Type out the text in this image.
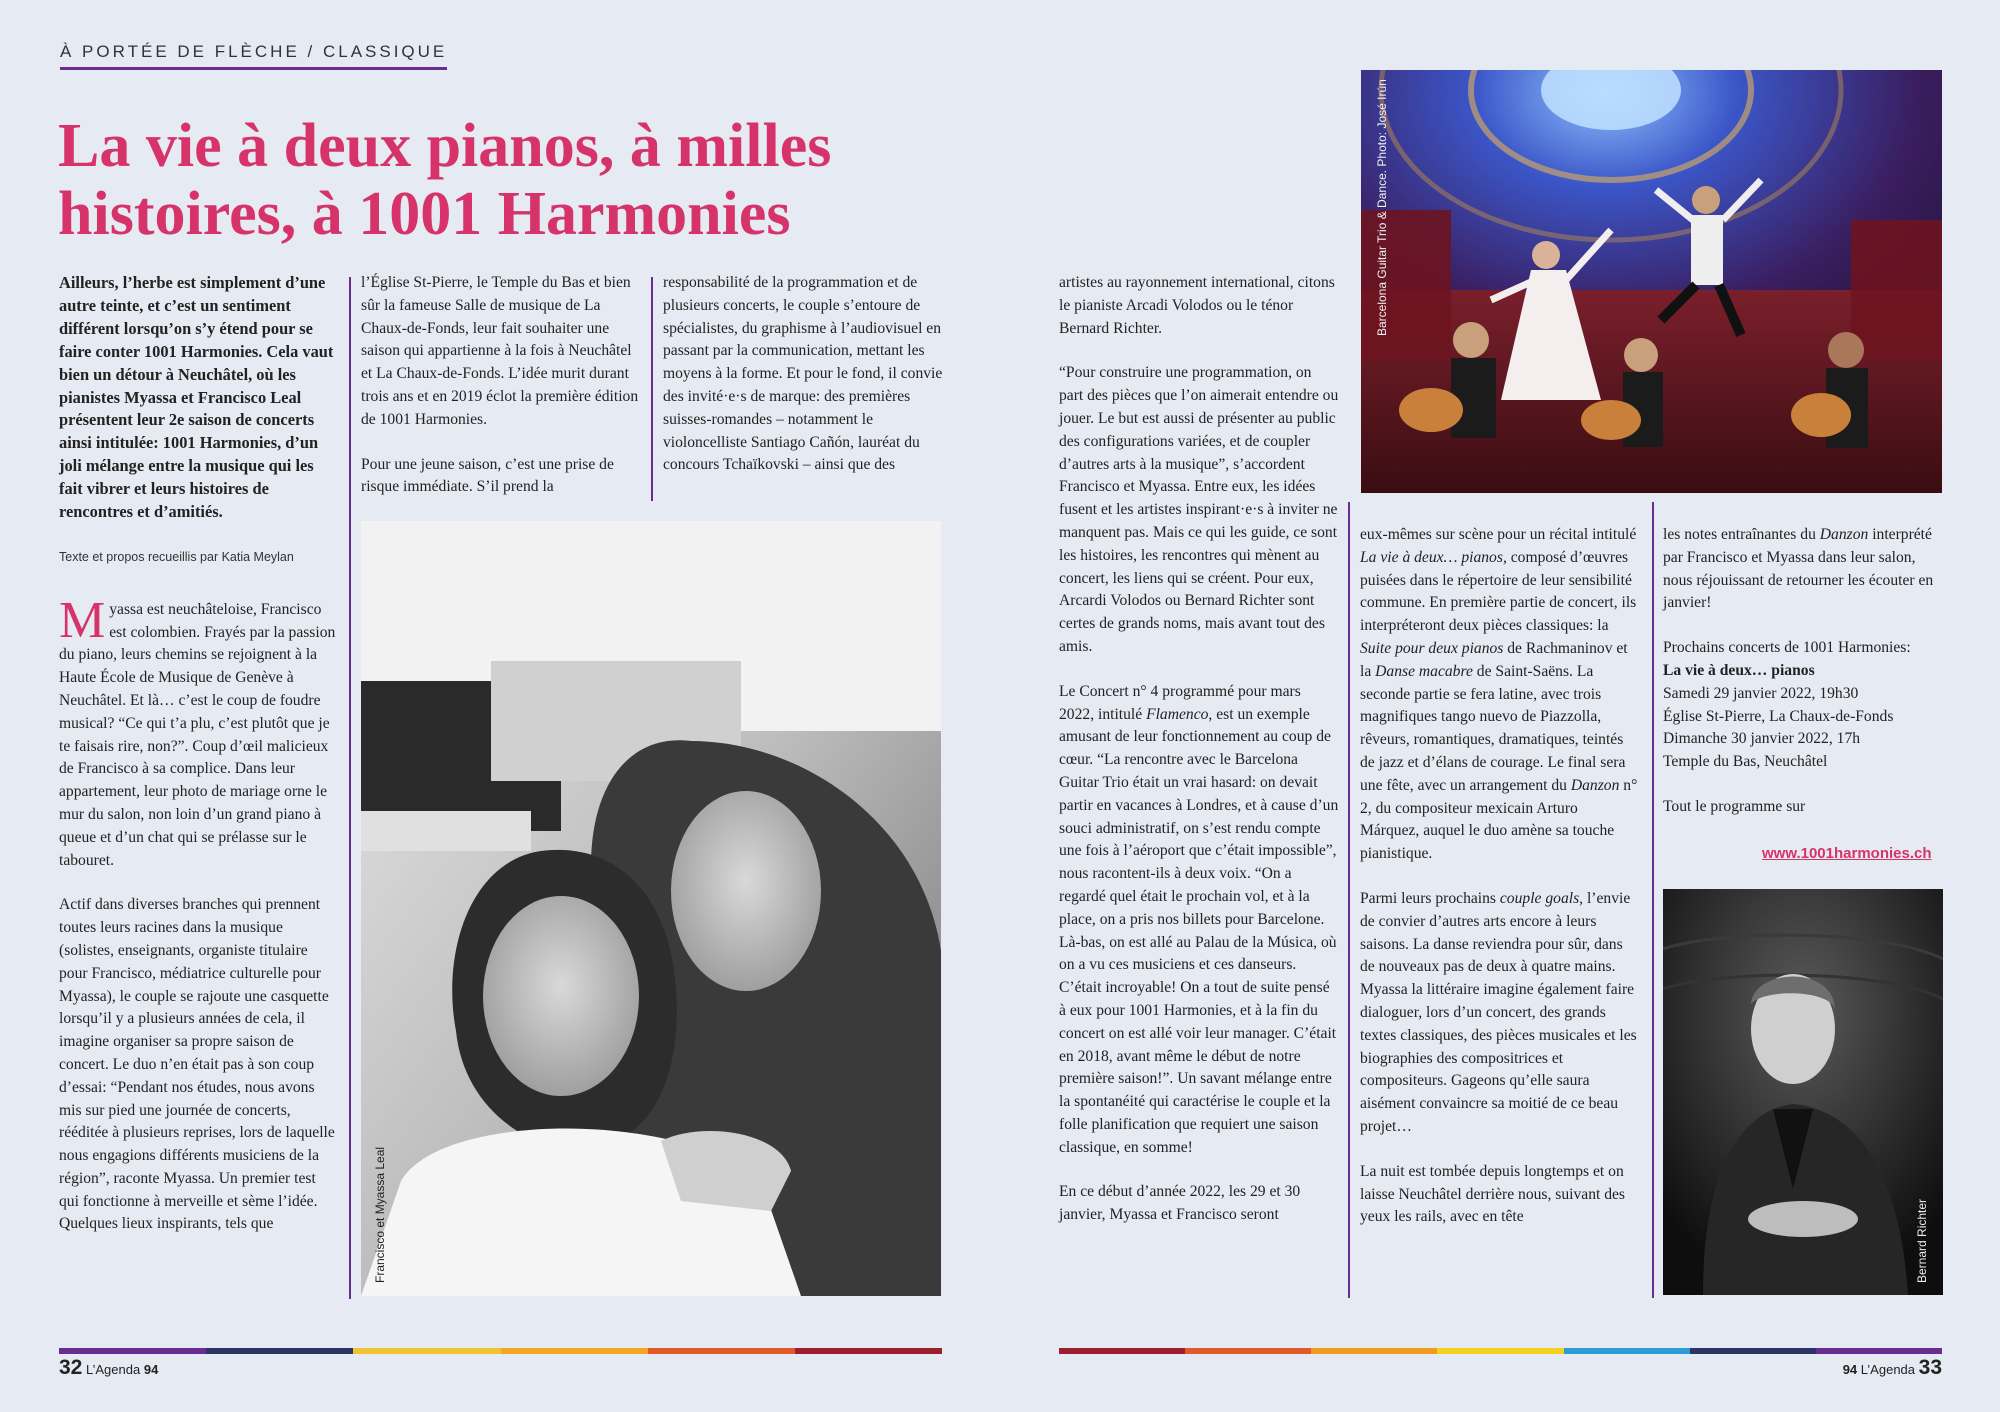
À PORTÉE DE FLÈCHE / CLASSIQUE
La vie à deux pianos, à milles
histoires, à 1001 Harmonies

Ailleurs, l’herbe est simplement d’une autre teinte, et c’est un sentiment différent lorsqu’on s’y étend pour se faire conter 1001 Harmonies. Cela vaut bien un détour à Neuchâtel, où les pianistes Myassa et Francisco Leal présentent leur 2e saison de concerts ainsi intitulée: 1001 Harmonies, d’un joli mélange entre la musique qui les fait vibrer et leurs histoires de rencontres et d’amitiés.

Texte et propos recueillis par Katia Meylan

Myassa est neuchâteloise, Francisco est colombien. Frayés par la passion du piano, leurs chemins se rejoignent à la Haute École de Musique de Genève à Neuchâtel. Et là… c’est le coup de foudre musical? “Ce qui t’a plu, c’est plutôt que je te faisais rire, non?”. Coup d’œil malicieux de Francisco à sa complice. Dans leur appartement, leur photo de mariage orne le mur du salon, non loin d’un grand piano à queue et d’un chat qui se prélasse sur le tabouret.

Actif dans diverses branches qui prennent toutes leurs racines dans la musique (solistes, enseignants, organiste titulaire pour Francisco, médiatrice culturelle pour Myassa), le couple se rajoute une casquette lorsqu’il y a plusieurs années de cela, il imagine organiser sa propre saison de concert. Le duo n’en était pas à son coup d’essai: “Pendant nos études, nous avons mis sur pied une journée de concerts, rééditée à plusieurs reprises, lors de laquelle nous engagions différents musiciens de la région”, raconte Myassa. Un premier test qui fonctionne à merveille et sème l’idée. Quelques lieux inspirants, tels que

l’Église St-Pierre, le Temple du Bas et bien sûr la fameuse Salle de musique de La Chaux-de-Fonds, leur fait souhaiter une saison qui appartienne à la fois à Neuchâtel et La Chaux-de-Fonds. L’idée murit durant trois ans et en 2019 éclot la première édition de 1001 Harmonies.

Pour une jeune saison, c’est une prise de risque immédiate. S’il prend la

responsabilité de la programmation et de plusieurs concerts, le couple s’entoure de spécialistes, du graphisme à l’audiovisuel en passant par la communication, mettant les moyens à la forme. Et pour le fond, il convie des invité·e·s de marque: des premières suisses-romandes – notamment le violoncelliste Santiago Cañón, lauréat du concours Tchaïkovski – ainsi que des

Francisco et Myassa Leal
32 L’Agenda 94

artistes au rayonnement international, citons le pianiste Arcadi Volodos ou le ténor Bernard Richter.

“Pour construire une programmation, on part des pièces que l’on aimerait entendre ou jouer. Le but est aussi de présenter au public des configurations variées, et de coupler d’autres arts à la musique”, s’accordent Francisco et Myassa. Entre eux, les idées fusent et les artistes inspirant·e·s à inviter ne manquent pas. Mais ce qui les guide, ce sont les histoires, les rencontres qui mènent au concert, les liens qui se créent. Pour eux, Arcardi Volodos ou Bernard Richter sont certes de grands noms, mais avant tout des amis.

Le Concert n° 4 programmé pour mars 2022, intitulé Flamenco, est un exemple amusant de leur fonctionnement au coup de cœur. “La rencontre avec le Barcelona Guitar Trio était un vrai hasard: on devait partir en vacances à Londres, et à cause d’un souci administratif, on s’est rendu compte une fois à l’aéroport que c’était impossible”, nous racontent-ils à deux voix. “On a regardé quel était le prochain vol, et à la place, on a pris nos billets pour Barcelone. Là-bas, on est allé au Palau de la Música, où on a vu ces musiciens et ces danseurs. C’était incroyable! On a tout de suite pensé à eux pour 1001 Harmonies, et à la fin du concert on est allé voir leur manager. C’était en 2018, avant même le début de notre première saison!”. Un savant mélange entre la spontanéité qui caractérise le couple et la folle planification que requiert une saison classique, en somme!

En ce début d’année 2022, les 29 et 30 janvier, Myassa et Francisco seront

Barcelona Guitar Trio & Dance. Photo: José Irún

eux-mêmes sur scène pour un récital intitulé La vie à deux… pianos, composé d’œuvres puisées dans le répertoire de leur sensibilité commune. En première partie de concert, ils interpréteront deux pièces classiques: la Suite pour deux pianos de Rachmaninov et la Danse macabre de Saint-Saëns. La seconde partie se fera latine, avec trois magnifiques tango nuevo de Piazzolla, rêveurs, romantiques, dramatiques, teintés de jazz et d’élans de courage. Le final sera une fête, avec un arrangement du Danzon n° 2, du compositeur mexicain Arturo Márquez, auquel le duo amène sa touche pianistique.

Parmi leurs prochains couple goals, l’envie de convier d’autres arts encore à leurs saisons. La danse reviendra pour sûr, dans de nouveaux pas de deux à quatre mains. Myassa la littéraire imagine également faire dialoguer, lors d’un concert, des grands textes classiques, des pièces musicales et les biographies des compositrices et compositeurs. Gageons qu’elle saura aisément convaincre sa moitié de ce beau projet…

La nuit est tombée depuis longtemps et on laisse Neuchâtel derrière nous, suivant des yeux les rails, avec en tête

les notes entraînantes du Danzon interprété par Francisco et Myassa dans leur salon, nous réjouissant de retourner les écouter en janvier!

Prochains concerts de 1001 Harmonies:
La vie à deux… pianos
Samedi 29 janvier 2022, 19h30
Église St-Pierre, La Chaux-de-Fonds
Dimanche 30 janvier 2022, 17h
Temple du Bas, Neuchâtel
Tout le programme sur
www.1001harmonies.ch
Bernard Richter
94 L’Agenda 33
